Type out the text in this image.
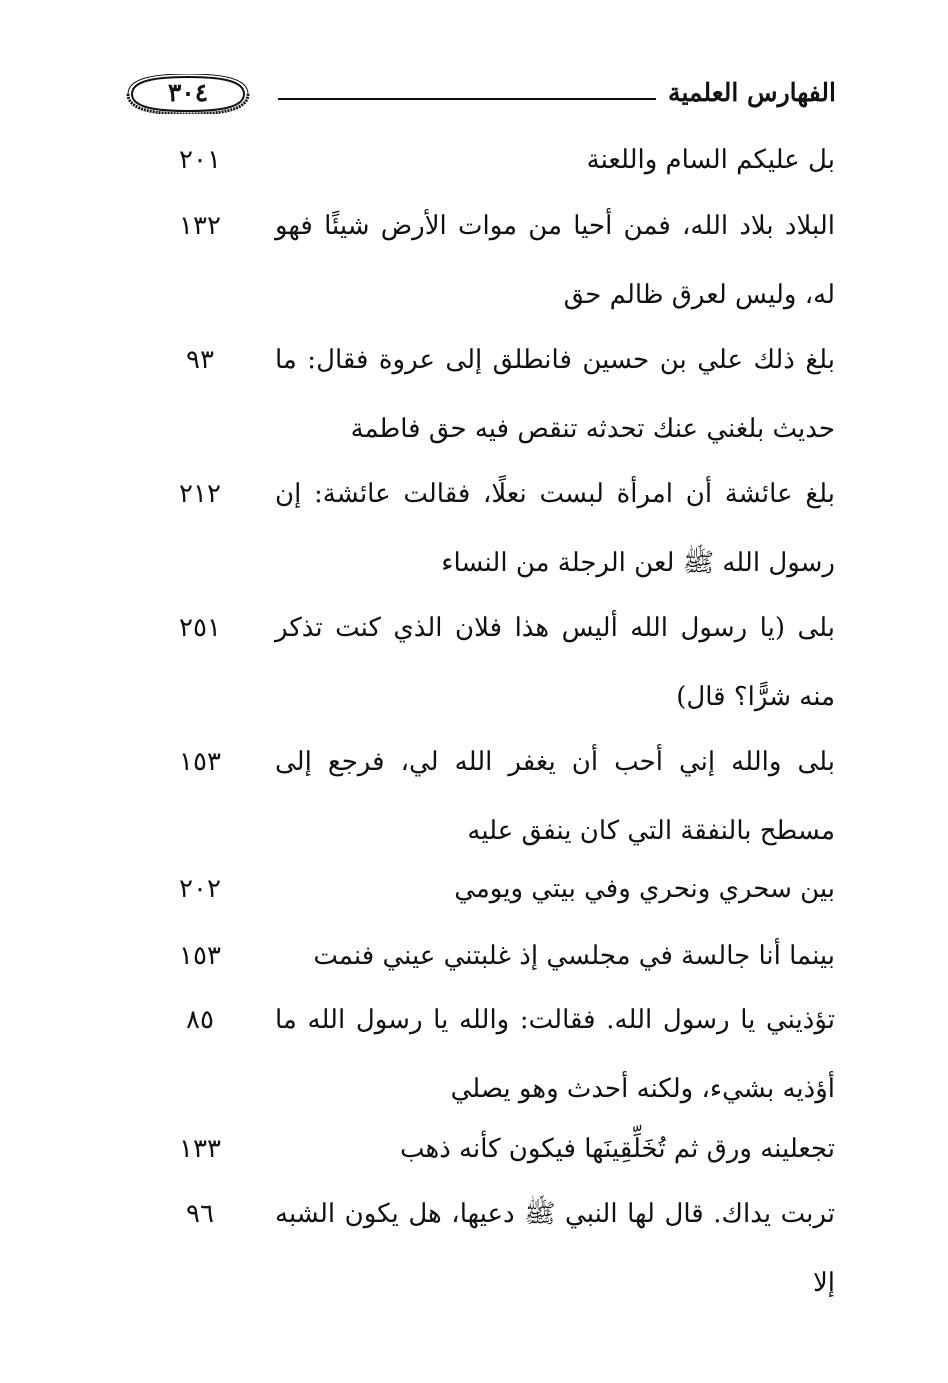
٣٠٤	الفهارس العلمية
بل عليكم السام واللعنة
٢٠١
البلاد بلاد الله، فمن أحيا من موات الأرض شيئًا فهو له، وليس لعرق ظالم حق
١٣٢
بلغ ذلك علي بن حسين فانطلق إلى عروة فقال: ما حديث بلغني عنك تحدثه تنقص فيه حق فاطمة
٩٣
بلغ عائشة أن امرأة لبست نعلًا، فقالت عائشة: إن رسول الله ﷺ لعن الرجلة من النساء
٢١٢
بلى (يا رسول الله أليس هذا فلان الذي كنت تذكر منه شرًّا؟ قال)
٢٥١
بلى والله إني أحب أن يغفر الله لي، فرجع إلى مسطح بالنفقة التي كان ينفق عليه
١٥٣
بين سحري ونحري وفي بيتي ويومي
٢٠٢
بينما أنا جالسة في مجلسي إذ غلبتني عيني فنمت
١٥٣
تؤذيني يا رسول الله. فقالت: والله يا رسول الله ما أؤذيه بشيء، ولكنه أحدث وهو يصلي
٨٥
تجعلينه ورق ثم تُخَلِّقِينَها فيكون كأنه ذهب
١٣٣
تربت يداك. قال لها النبي ﷺ دعيها، هل يكون الشبه إلا
٩٦
